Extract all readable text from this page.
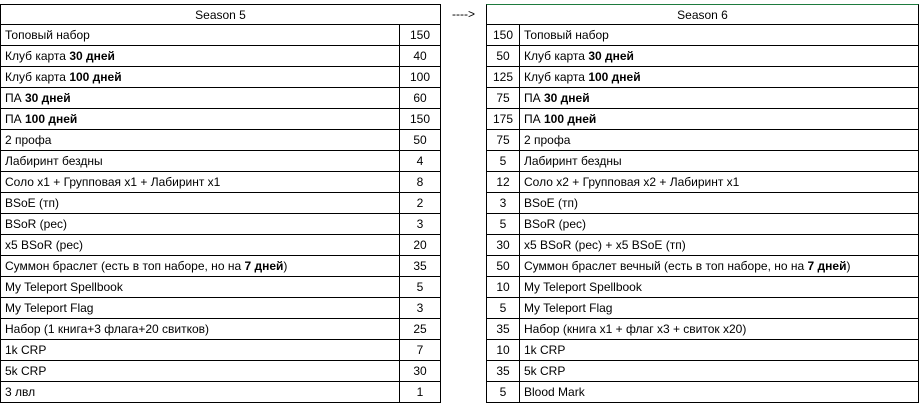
Season 5	---->	Season 6
Топовый набор	150
Клуб карта 30 дней	40
Клуб карта 100 дней	100
ПА 30 дней	60
ПА 100 дней	150
2 профа	50
Лабиринт бездны	4
Соло x1 + Групповая x1 + Лабиринт x1	8
BSoE (тп)	2
BSoR (рес)	3
x5 BSoR (рес)	20
Суммон браслет (есть в топ наборе, но на 7 дней)	35
My Teleport Spellbook	5
My Teleport Flag	3
Набор (1 книга+3 флага+20 свитков)	25
1k CRP	7
5k CRP	30
3 лвл	1
150 Топовый набор
50	Клуб карта 30 дней
125 Клуб карта 100 дней
75	ПА 30 дней
175 ПА 100 дней
75	2 профа
5	Лабиринт бездны
12	Соло x2 + Групповая x2 + Лабиринт x1
3	BSoE (тп)
5	BSoR (рес)
30	x5 BSoR (рес) + x5 BSoE (тп)
50	Суммон браслет вечный (есть в топ наборе, но на 7 дней)
10	My Teleport Spellbook
5	My Teleport Flag
35	Набор (книга x1 + флаг x3 + свиток x20)
10	1k CRP
35	5k CRP
5	Blood Mark
